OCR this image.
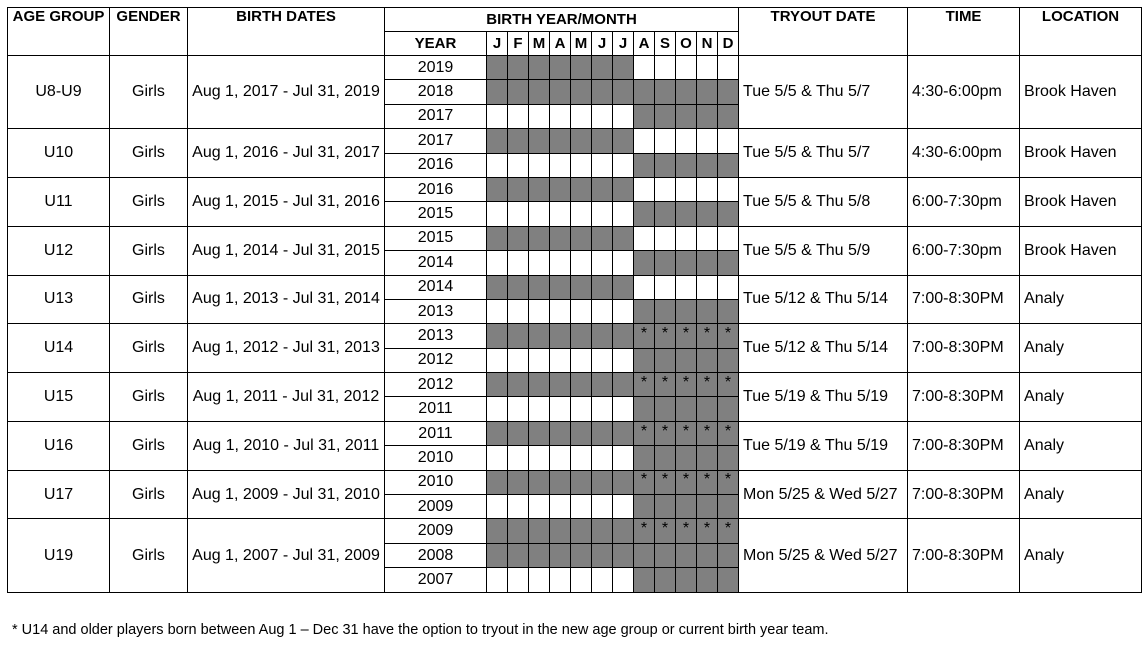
AGE GROUP	GENDER	BIRTH DATES	BIRTH YEAR/MONTH													TRYOUT DATE	TIME	LOCATION
			YEAR	J	F	M	A	M	J	J	A	S	O	N	D			
U8-U9	Girls	Aug 1, 2017 - Jul 31, 2019	2019													Tue 5/5 & Thu 5/7	4:30-6:00pm	Brook Haven
			2018															
			2017															
U10	Girls	Aug 1, 2016 - Jul 31, 2017	2017													Tue 5/5 & Thu 5/7	4:30-6:00pm	Brook Haven
			2016															
U11	Girls	Aug 1, 2015 - Jul 31, 2016	2016													Tue 5/5 & Thu 5/8	6:00-7:30pm	Brook Haven
			2015															
U12	Girls	Aug 1, 2014 - Jul 31, 2015	2015													Tue 5/5 & Thu 5/9	6:00-7:30pm	Brook Haven
			2014															
U13	Girls	Aug 1, 2013 - Jul 31, 2014	2014													Tue 5/12 & Thu 5/14	7:00-8:30PM	Analy
			2013															
U14	Girls	Aug 1, 2012 - Jul 31, 2013	2013								*	*	*	*	*	Tue 5/12 & Thu 5/14	7:00-8:30PM	Analy
			2012															
U15	Girls	Aug 1, 2011 - Jul 31, 2012	2012								*	*	*	*	*	Tue 5/19 & Thu 5/19	7:00-8:30PM	Analy
			2011															
U16	Girls	Aug 1, 2010 - Jul 31, 2011	2011								*	*	*	*	*	Tue 5/19 & Thu 5/19	7:00-8:30PM	Analy
			2010															
U17	Girls	Aug 1, 2009 - Jul 31, 2010	2010								*	*	*	*	*	Mon 5/25 & Wed 5/27	7:00-8:30PM	Analy
			2009															
U19	Girls	Aug 1, 2007 - Jul 31, 2009	2009								*	*	*	*	*	Mon 5/25 & Wed 5/27	7:00-8:30PM	Analy
			2008															
			2007															
* U14 and older players born between Aug 1 – Dec 31 have the option to tryout in the new age group or current birth year team.
